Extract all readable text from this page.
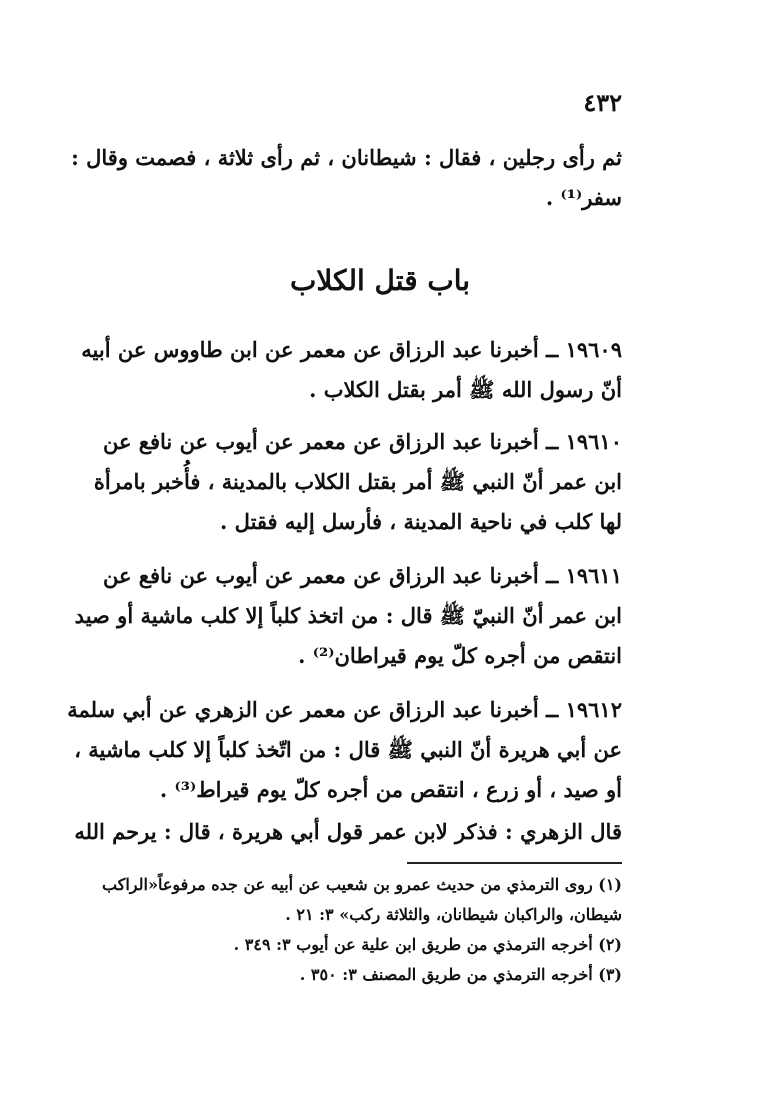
٤٣٢
ثم رأى رجلين ، فقال : شيطانان ، ثم رأى ثلاثة ، فصمت وقال :
سفر⁽¹⁾ .
باب قتل الكلاب
١٩٦٠٩ ــ أخبرنا عبد الرزاق عن معمر عن ابن طاووس عن أبيه
أنّ رسول الله ﷺ أمر بقتل الكلاب .
١٩٦١٠ ــ أخبرنا عبد الرزاق عن معمر عن أيوب عن نافع عن
ابن عمر أنّ النبي ﷺ أمر بقتل الكلاب بالمدينة ، فأُخبر بامرأة
لها كلب في ناحية المدينة ، فأرسل إليه فقتل .
١٩٦١١ ــ أخبرنا عبد الرزاق عن معمر عن أيوب عن نافع عن
ابن عمر أنّ النبيّ ﷺ قال : من اتخذ كلباً إلا كلب ماشية أو صيد
انتقص من أجره كلّ يوم قيراطان⁽²⁾ .
١٩٦١٢ ــ أخبرنا عبد الرزاق عن معمر عن الزهري عن أبي سلمة
عن أبي هريرة أنّ النبي ﷺ قال : من اتّخذ كلباً إلا كلب ماشية ،
أو صيد ، أو زرع ، انتقص من أجره كلّ يوم قيراط⁽³⁾ .
قال الزهري : فذكر لابن عمر قول أبي هريرة ، قال : يرحم الله
(١) روى الترمذي من حديث عمرو بن شعيب عن أبيه عن جده مرفوعاً«الراكب
شيطان، والراكبان شيطانان، والثلاثة ركب» ٣: ٢١ .
(٢) أخرجه الترمذي من طريق ابن علية عن أيوب ٣: ٣٤٩ .
(٣) أخرجه الترمذي من طريق المصنف ٣: ٣٥٠ .
